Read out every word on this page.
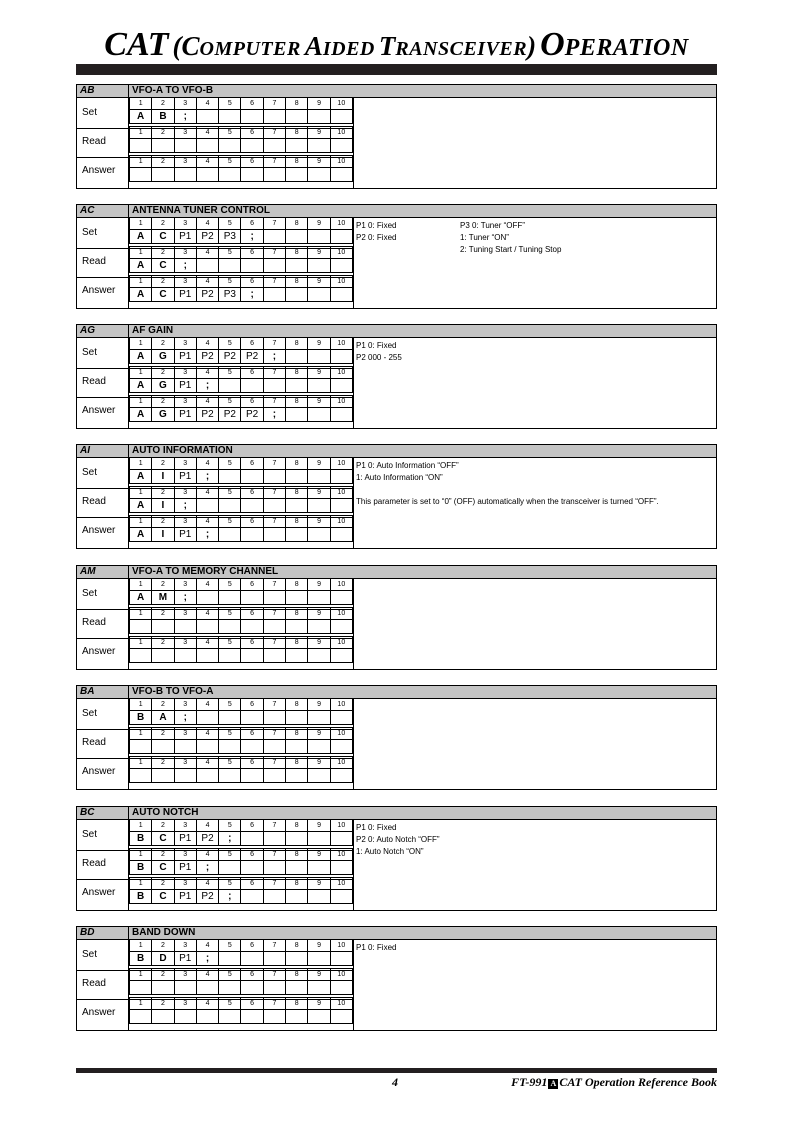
CAT (COMPUTER AIDED TRANSCEIVER) OPERATION
AB	VFO-A TO VFO-B
Set
1	2	3	4	5	6	7	8	9	10
A	B	;							
Read
1	2	3	4	5	6	7	8	9	10

Answer
1	2	3	4	5	6	7	8	9	10

AC	ANTENNA TUNER CONTROL
Set
1	2	3	4	5	6	7	8	9	10
A	C	P1	P2	P3	;				
Read
1	2	3	4	5	6	7	8	9	10
A	C	;							
Answer
1	2	3	4	5	6	7	8	9	10
A	C	P1	P2	P3	;				
P1 0: Fixed
P2 0: Fixed
P3 0: Tuner “OFF”
1: Tuner “ON”
2: Tuning Start / Tuning Stop
AG	AF GAIN
Set
1	2	3	4	5	6	7	8	9	10
A	G	P1	P2	P2	P2	;			
Read
1	2	3	4	5	6	7	8	9	10
A	G	P1	;						
Answer
1	2	3	4	5	6	7	8	9	10
A	G	P1	P2	P2	P2	;			
P1 0: Fixed
P2 000 - 255
AI	AUTO INFORMATION
Set
1	2	3	4	5	6	7	8	9	10
A	I	P1	;						
Read
1	2	3	4	5	6	7	8	9	10
A	I	;							
Answer
1	2	3	4	5	6	7	8	9	10
A	I	P1	;						
P1 0: Auto Information “OFF”
1: Auto Information “ON”
This parameter is set to “0” (OFF) automatically when the transceiver is turned “OFF”.
AM	VFO-A TO MEMORY CHANNEL
Set
1	2	3	4	5	6	7	8	9	10
A	M	;							
Read
1	2	3	4	5	6	7	8	9	10

Answer
1	2	3	4	5	6	7	8	9	10

BA	VFO-B TO VFO-A
Set
1	2	3	4	5	6	7	8	9	10
B	A	;							
Read
1	2	3	4	5	6	7	8	9	10

Answer
1	2	3	4	5	6	7	8	9	10

BC	AUTO NOTCH
Set
1	2	3	4	5	6	7	8	9	10
B	C	P1	P2	;					
Read
1	2	3	4	5	6	7	8	9	10
B	C	P1	;						
Answer
1	2	3	4	5	6	7	8	9	10
B	C	P1	P2	;					
P1 0: Fixed
P2 0: Auto Notch “OFF”
1: Auto Notch “ON”
BD	BAND DOWN
Set
1	2	3	4	5	6	7	8	9	10
B	D	P1	;						
Read
1	2	3	4	5	6	7	8	9	10

Answer
1	2	3	4	5	6	7	8	9	10

P1 0: Fixed
4	FT-991 A CAT Operation Reference Book
